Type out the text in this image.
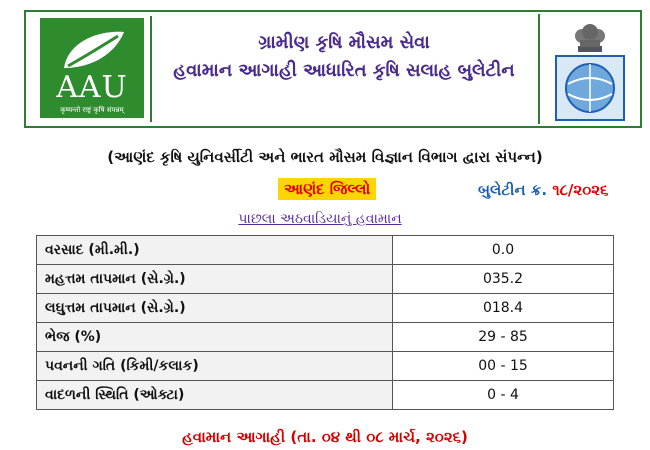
AAU
कृष्यन्तो राष्ट्रं कृषि संपन्नम्
ગ્રામીણ કૃષિ મૌસમ સેવા
હવામાન આગાહી આધારિત કૃષિ સલાહ બુલેટીન
(આણંદ કૃષિ યુનિવર્સીટી અને ભારત મૌસમ વિજ્ઞાન વિભાગ દ્વારા સંપન્ન)
આણંદ જિલ્લો	બુલેટીન ક્ર. ૧૮/૨૦૨૬
પાછલા અઠવાડિયાનું હવામાન
વરસાદ (મી.મી.)	0.0
મહત્તમ તાપમાન (સે.ગ્રે.)	035.2
લઘુત્તમ તાપમાન (સે.ગ્રે.)	018.4
ભેજ (%)	29 - 85
પવનની ગતિ (કિમી/કલાક)	00 - 15
વાદળની સ્થિતિ (ઓક્ટા)	0 - 4
હવામાન આગાહી (તા. ૦૪ થી ૦૮ માર્ચ, ૨૦૨૬)
